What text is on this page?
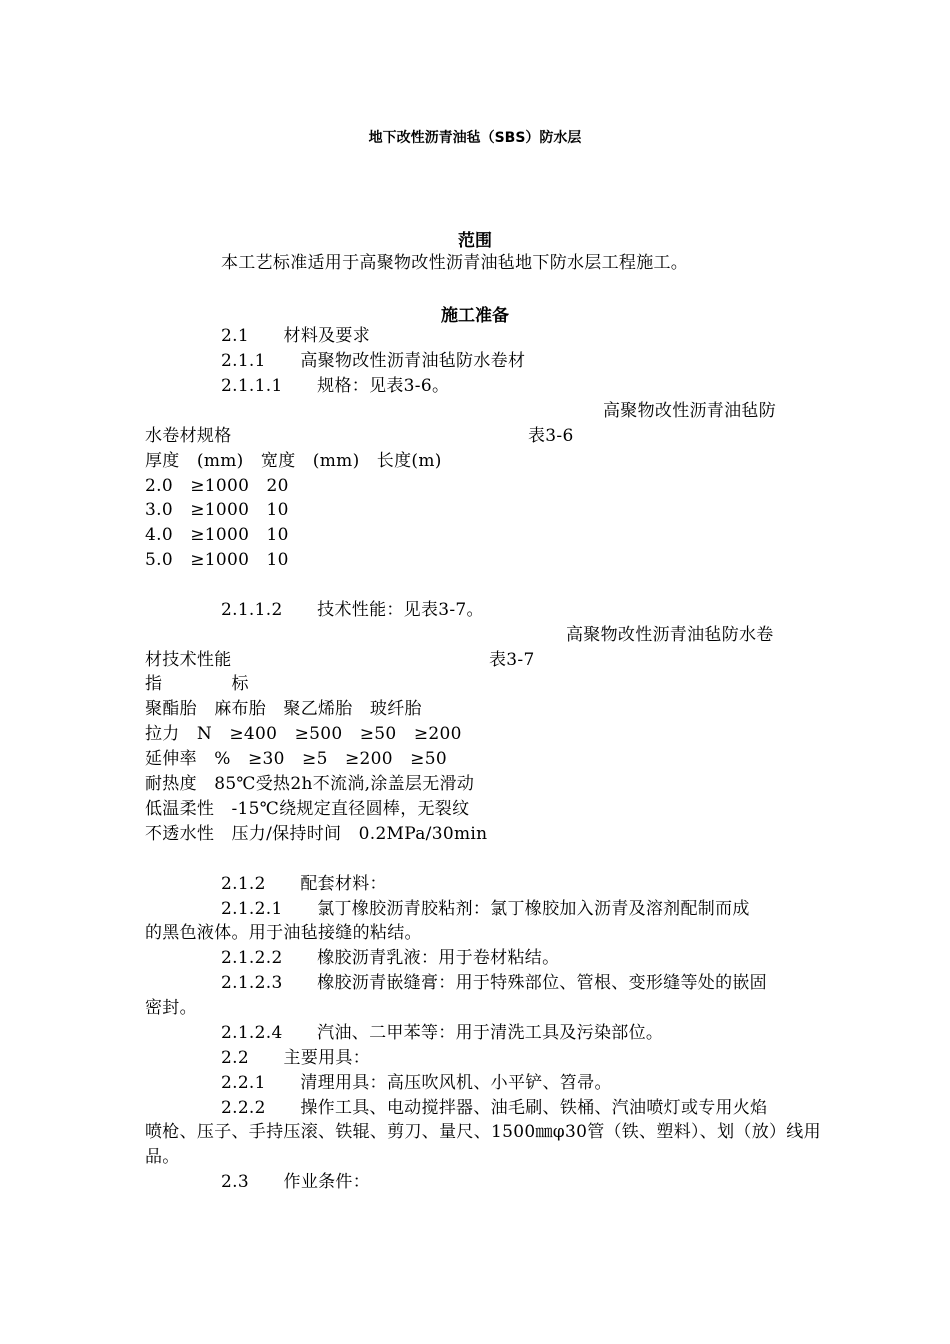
地下改性沥青油毡（SBS）防水层
范围
本工艺标准适用于高聚物改性沥青油毡地下防水层工程施工。
施工准备
2.1　　材料及要求
2.1.1　　高聚物改性沥青油毡防水卷材
2.1.1.1　　规格：见表3-6。
高聚物改性沥青油毡防
水卷材规格	表3-6
厚度　(mm)　宽度　(mm)　长度(m)
2.0　≥1000　20
3.0　≥1000　10
4.0　≥1000　10
5.0　≥1000　10
2.1.1.2　　技术性能：见表3-7。
高聚物改性沥青油毡防水卷
材技术性能	表3-7
指　　　　标
聚酯胎　麻布胎　聚乙烯胎　玻纤胎
拉力　N　≥400　≥500　≥50　≥200
延伸率　%　≥30　≥5　≥200　≥50
耐热度　85℃受热2h不流淌,涂盖层无滑动
低温柔性　-15℃绕规定直径圆棒，无裂纹
不透水性　压力/保持时间　0.2MPa/30min
2.1.2　　配套材料：
2.1.2.1　　氯丁橡胶沥青胶粘剂：氯丁橡胶加入沥青及溶剂配制而成
的黑色液体。用于油毡接缝的粘结。
2.1.2.2　　橡胶沥青乳液：用于卷材粘结。
2.1.2.3　　橡胶沥青嵌缝膏：用于特殊部位、管根、变形缝等处的嵌固
密封。
2.1.2.4　　汽油、二甲苯等：用于清洗工具及污染部位。
2.2　　主要用具：
2.2.1　　清理用具：高压吹风机、小平铲、笤帚。
2.2.2　　操作工具、电动搅拌器、油毛刷、铁桶、汽油喷灯或专用火焰
喷枪、压子、手持压滚、铁辊、剪刀、量尺、1500㎜φ30管（铁、塑料）、划（放）线用
品。
2.3　　作业条件：
